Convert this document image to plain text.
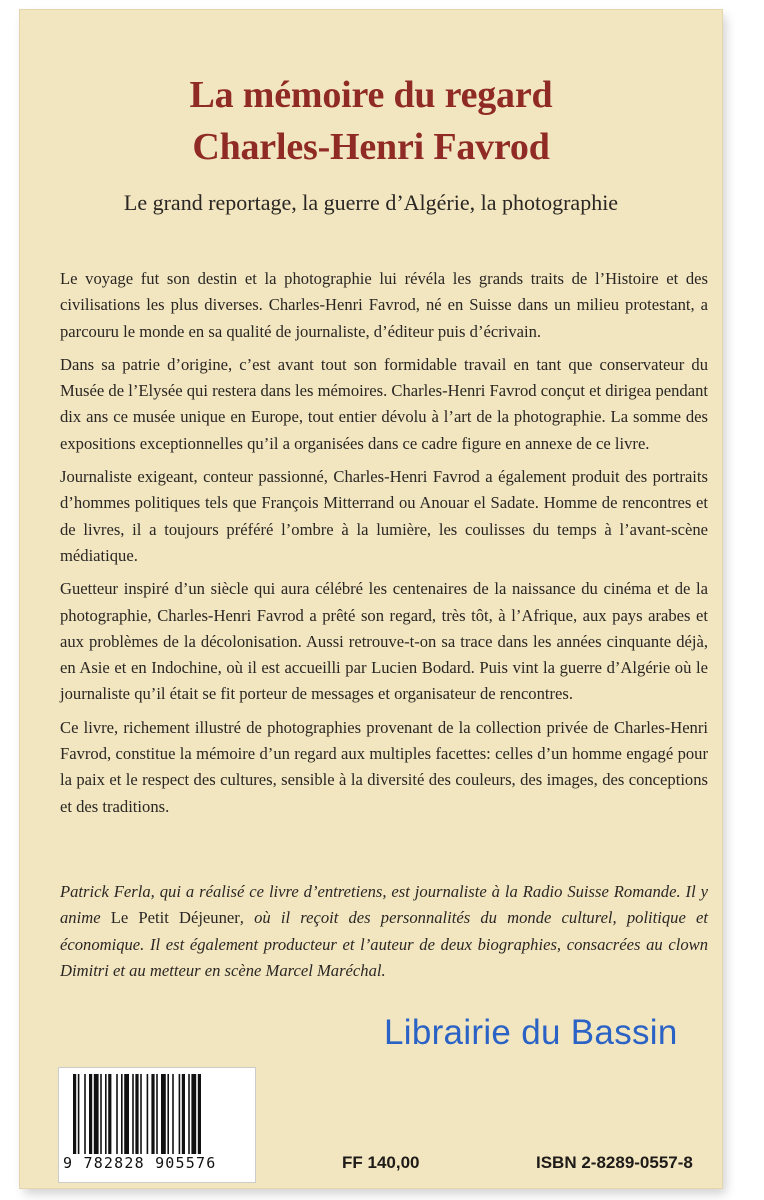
La mémoire du regard
Charles-Henri Favrod

Le grand reportage, la guerre d’Algérie, la photographie

Le voyage fut son destin et la photographie lui révéla les grands traits de l’Histoire et des civilisations les plus diverses. Charles-Henri Favrod, né en Suisse dans un milieu protestant, a parcouru le monde en sa qualité de journaliste, d’éditeur puis d’écrivain.

Dans sa patrie d’origine, c’est avant tout son formidable travail en tant que conservateur du Musée de l’Elysée qui restera dans les mémoires. Charles-Henri Favrod conçut et dirigea pendant dix ans ce musée unique en Europe, tout entier dévolu à l’art de la photographie. La somme des expositions exceptionnelles qu’il a organisées dans ce cadre figure en annexe de ce livre.

Journaliste exigeant, conteur passionné, Charles-Henri Favrod a également produit des portraits d’hommes politiques tels que François Mitterrand ou Anouar el Sadate. Homme de rencontres et de livres, il a toujours préféré l’ombre à la lumière, les coulisses du temps à l’avant-scène médiatique.

Guetteur inspiré d’un siècle qui aura célébré les centenaires de la naissance du cinéma et de la photographie, Charles-Henri Favrod a prêté son regard, très tôt, à l’Afrique, aux pays arabes et aux problèmes de la décolonisation. Aussi retrouve-t-on sa trace dans les années cinquante déjà, en Asie et en Indochine, où il est accueilli par Lucien Bodard. Puis vint la guerre d’Algérie où le journaliste qu’il était se fit porteur de messages et organisateur de rencontres.

Ce livre, richement illustré de photographies provenant de la collection privée de Charles-Henri Favrod, constitue la mémoire d’un regard aux multiples facettes: celles d’un homme engagé pour la paix et le respect des cultures, sensible à la diversité des couleurs, des images, des conceptions et des traditions.

Patrick Ferla, qui a réalisé ce livre d’entretiens, est journaliste à la Radio Suisse Romande. Il y anime Le Petit Déjeuner, où il reçoit des personnalités du monde culturel, politique et économique. Il est également producteur et l’auteur de deux biographies, consacrées au clown Dimitri et au metteur en scène Marcel Maréchal.

Librairie du Bassin
9 782828 905576	FF 140,00	ISBN 2-8289-0557-8
